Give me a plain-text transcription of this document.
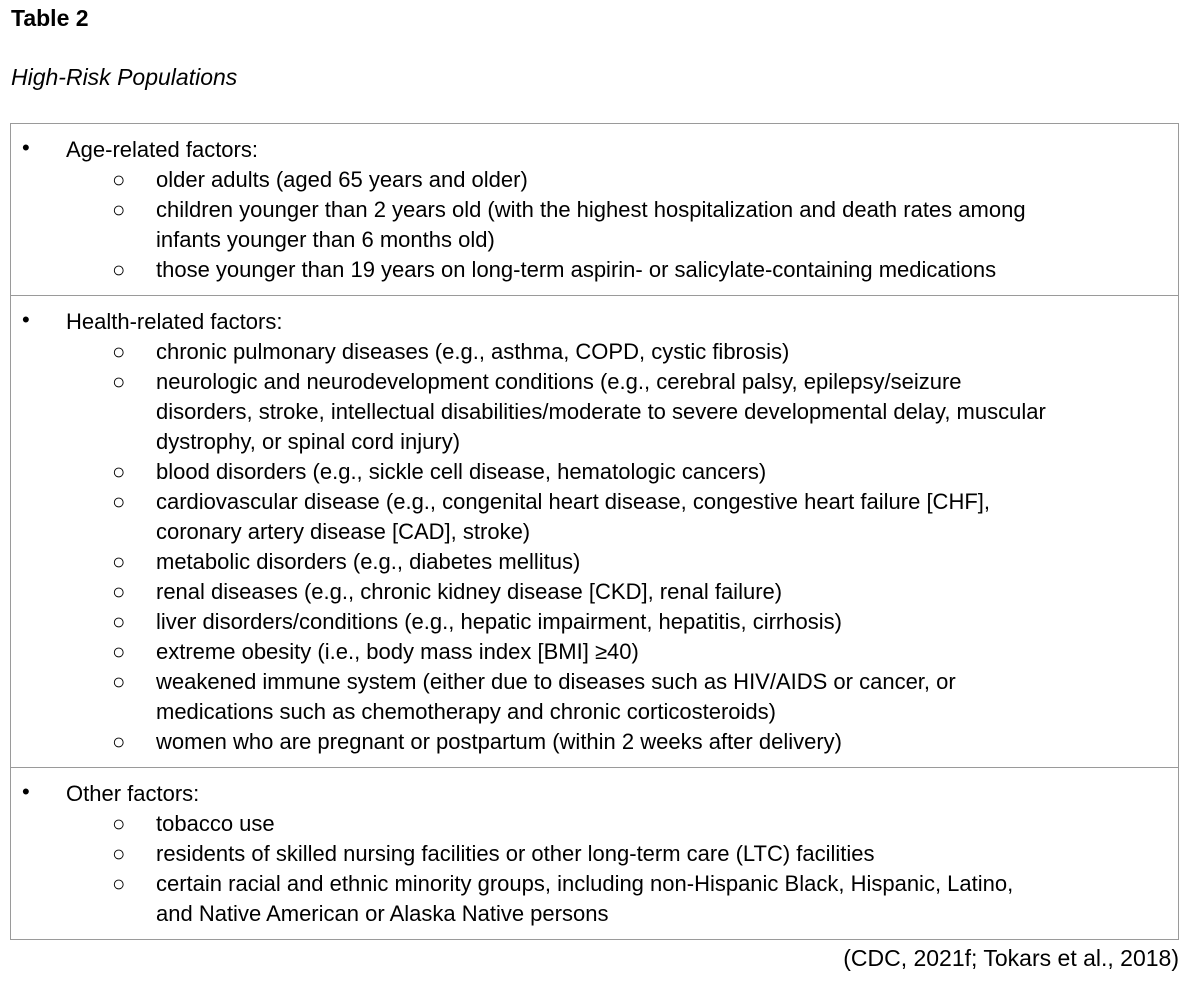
Table 2
High-Risk Populations
• Age-related factors:
○ older adults (aged 65 years and older)
○ children younger than 2 years old (with the highest hospitalization and death rates among
infants younger than 6 months old)
○ those younger than 19 years on long-term aspirin- or salicylate-containing medications
• Health-related factors:
○ chronic pulmonary diseases (e.g., asthma, COPD, cystic fibrosis)
○ neurologic and neurodevelopment conditions (e.g., cerebral palsy, epilepsy/seizure
disorders, stroke, intellectual disabilities/moderate to severe developmental delay, muscular
dystrophy, or spinal cord injury)
○ blood disorders (e.g., sickle cell disease, hematologic cancers)
○ cardiovascular disease (e.g., congenital heart disease, congestive heart failure [CHF],
coronary artery disease [CAD], stroke)
○ metabolic disorders (e.g., diabetes mellitus)
○ renal diseases (e.g., chronic kidney disease [CKD], renal failure)
○ liver disorders/conditions (e.g., hepatic impairment, hepatitis, cirrhosis)
○ extreme obesity (i.e., body mass index [BMI] ≥40)
○ weakened immune system (either due to diseases such as HIV/AIDS or cancer, or
medications such as chemotherapy and chronic corticosteroids)
○ women who are pregnant or postpartum (within 2 weeks after delivery)
• Other factors:
○ tobacco use
○ residents of skilled nursing facilities or other long-term care (LTC) facilities
○ certain racial and ethnic minority groups, including non-Hispanic Black, Hispanic, Latino,
and Native American or Alaska Native persons
(CDC, 2021f; Tokars et al., 2018)
